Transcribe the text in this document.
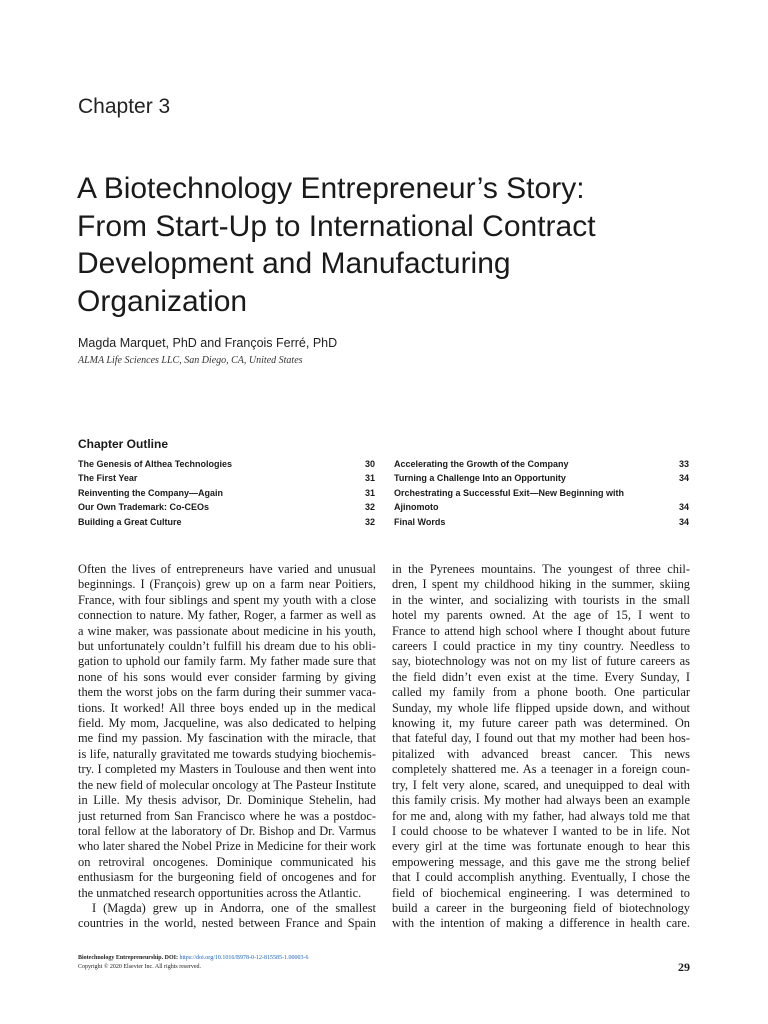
Chapter 3
A Biotechnology Entrepreneur’s Story:
From Start-Up to International Contract
Development and Manufacturing
Organization
Magda Marquet, PhD and François Ferré, PhD
ALMA Life Sciences LLC, San Diego, CA, United States
Chapter Outline
The Genesis of Althea Technologies	30
The First Year	31
Reinventing the Company—Again	31
Our Own Trademark: Co-CEOs	32
Building a Great Culture	32
Accelerating the Growth of the Company	33
Turning a Challenge Into an Opportunity	34
Orchestrating a Successful Exit—New Beginning with
Ajinomoto	34
Final Words	34
Often the lives of entrepreneurs have varied and unusual
beginnings. I (François) grew up on a farm near Poitiers,
France, with four siblings and spent my youth with a close
connection to nature. My father, Roger, a farmer as well as
a wine maker, was passionate about medicine in his youth,
but unfortunately couldn’t fulfill his dream due to his obli-
gation to uphold our family farm. My father made sure that
none of his sons would ever consider farming by giving
them the worst jobs on the farm during their summer vaca-
tions. It worked! All three boys ended up in the medical
field. My mom, Jacqueline, was also dedicated to helping
me find my passion. My fascination with the miracle, that
is life, naturally gravitated me towards studying biochemis-
try. I completed my Masters in Toulouse and then went into
the new field of molecular oncology at The Pasteur Institute
in Lille. My thesis advisor, Dr. Dominique Stehelin, had
just returned from San Francisco where he was a postdoc-
toral fellow at the laboratory of Dr. Bishop and Dr. Varmus
who later shared the Nobel Prize in Medicine for their work
on retroviral oncogenes. Dominique communicated his
enthusiasm for the burgeoning field of oncogenes and for
the unmatched research opportunities across the Atlantic.
I (Magda) grew up in Andorra, one of the smallest
countries in the world, nested between France and Spain
in the Pyrenees mountains. The youngest of three chil-
dren, I spent my childhood hiking in the summer, skiing
in the winter, and socializing with tourists in the small
hotel my parents owned. At the age of 15, I went to
France to attend high school where I thought about future
careers I could practice in my tiny country. Needless to
say, biotechnology was not on my list of future careers as
the field didn’t even exist at the time. Every Sunday, I
called my family from a phone booth. One particular
Sunday, my whole life flipped upside down, and without
knowing it, my future career path was determined. On
that fateful day, I found out that my mother had been hos-
pitalized with advanced breast cancer. This news
completely shattered me. As a teenager in a foreign coun-
try, I felt very alone, scared, and unequipped to deal with
this family crisis. My mother had always been an example
for me and, along with my father, had always told me that
I could choose to be whatever I wanted to be in life. Not
every girl at the time was fortunate enough to hear this
empowering message, and this gave me the strong belief
that I could accomplish anything. Eventually, I chose the
field of biochemical engineering. I was determined to
build a career in the burgeoning field of biotechnology
with the intention of making a difference in health care.
Biotechnology Entrepreneurship. DOI: https://doi.org/10.1016/B978-0-12-815585-1.00003-6
Copyright © 2020 Elsevier Inc. All rights reserved.	29
